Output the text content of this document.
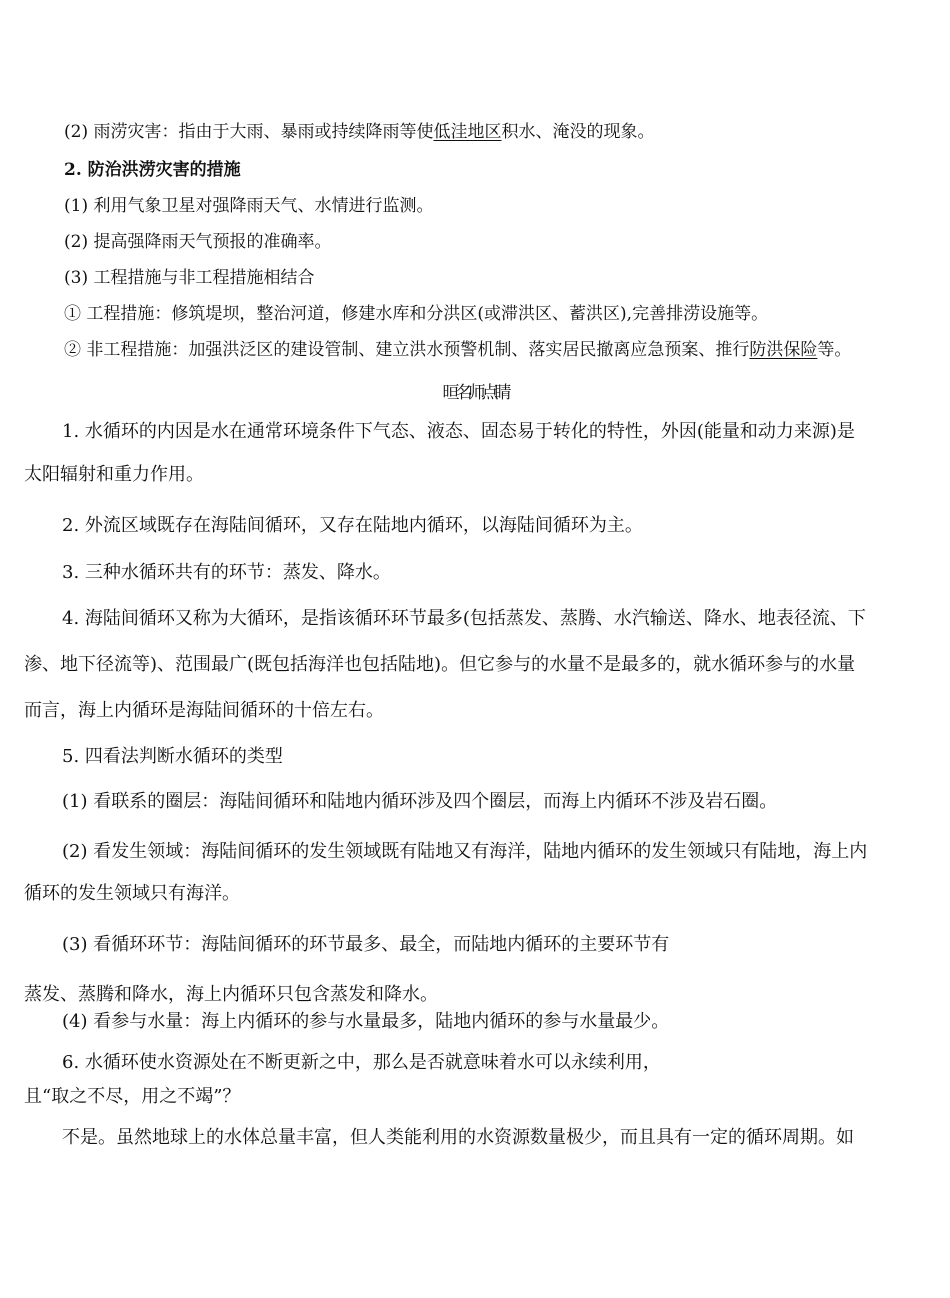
(2) 雨涝灾害：指由于大雨、暴雨或持续降雨等使低洼地区积水、淹没的现象。
2. 防治洪涝灾害的措施
(1) 利用气象卫星对强降雨天气、水情进行监测。
(2) 提高强降雨天气预报的准确率。
(3) 工程措施与非工程措施相结合
① 工程措施：修筑堤坝，整治河道，修建水库和分洪区(或滞洪区、蓄洪区),完善排涝设施等。
② 非工程措施：加强洪泛区的建设管制、建立洪水预警机制、落实居民撤离应急预案、推行防洪保险等。
晅名师点睛
1. 水循环的内因是水在通常环境条件下气态、液态、固态易于转化的特性，外因(能量和动力来源)是
太阳辐射和重力作用。
2. 外流区域既存在海陆间循环，又存在陆地内循环，以海陆间循环为主。
3. 三种水循环共有的环节：蒸发、降水。
4. 海陆间循环又称为大循环，是指该循环环节最多(包括蒸发、蒸腾、水汽输送、降水、地表径流、下
渗、地下径流等)、范围最广(既包括海洋也包括陆地)。但它参与的水量不是最多的，就水循环参与的水量
而言，海上内循环是海陆间循环的十倍左右。
5. 四看法判断水循环的类型
(1) 看联系的圈层：海陆间循环和陆地内循环涉及四个圈层，而海上内循环不涉及岩石圈。
(2) 看发生领域：海陆间循环的发生领域既有陆地又有海洋，陆地内循环的发生领域只有陆地，海上内
循环的发生领域只有海洋。
(3) 看循环环节：海陆间循环的环节最多、最全，而陆地内循环的主要环节有
蒸发、蒸腾和降水，海上内循环只包含蒸发和降水。
(4) 看参与水量：海上内循环的参与水量最多，陆地内循环的参与水量最少。
6. 水循环使水资源处在不断更新之中，那么是否就意味着水可以永续利用，
且“取之不尽，用之不竭”？
不是。虽然地球上的水体总量丰富，但人类能利用的水资源数量极少，而且具有一定的循环周期。如
